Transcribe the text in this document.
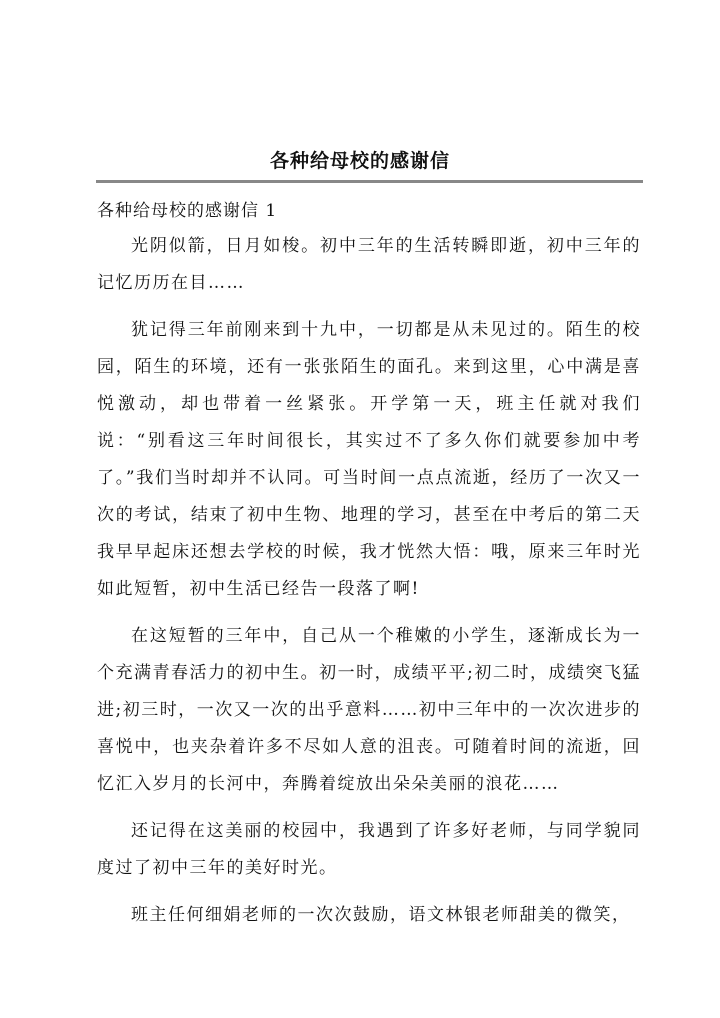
各种给母校的感谢信
各种给母校的感谢信 1

光阴似箭，日月如梭。初中三年的生活转瞬即逝，初中三年的记忆历历在目……

犹记得三年前刚来到十九中，一切都是从未见过的。陌生的校园，陌生的环境，还有一张张陌生的面孔。来到这里，心中满是喜悦激动，却也带着一丝紧张。开学第一天，班主任就对我们说：“别看这三年时间很长，其实过不了多久你们就要参加中考了。”我们当时却并不认同。可当时间一点点流逝，经历了一次又一次的考试，结束了初中生物、地理的学习，甚至在中考后的第二天我早早起床还想去学校的时候，我才恍然大悟：哦，原来三年时光如此短暂，初中生活已经告一段落了啊!

在这短暂的三年中，自己从一个稚嫩的小学生，逐渐成长为一个充满青春活力的初中生。初一时，成绩平平;初二时，成绩突飞猛进;初三时，一次又一次的出乎意料……初中三年中的一次次进步的喜悦中，也夹杂着许多不尽如人意的沮丧。可随着时间的流逝，回忆汇入岁月的长河中，奔腾着绽放出朵朵美丽的浪花……

还记得在这美丽的校园中，我遇到了许多好老师，与同学貌同度过了初中三年的美好时光。

班主任何细娟老师的一次次鼓励，语文林银老师甜美的微笑，
